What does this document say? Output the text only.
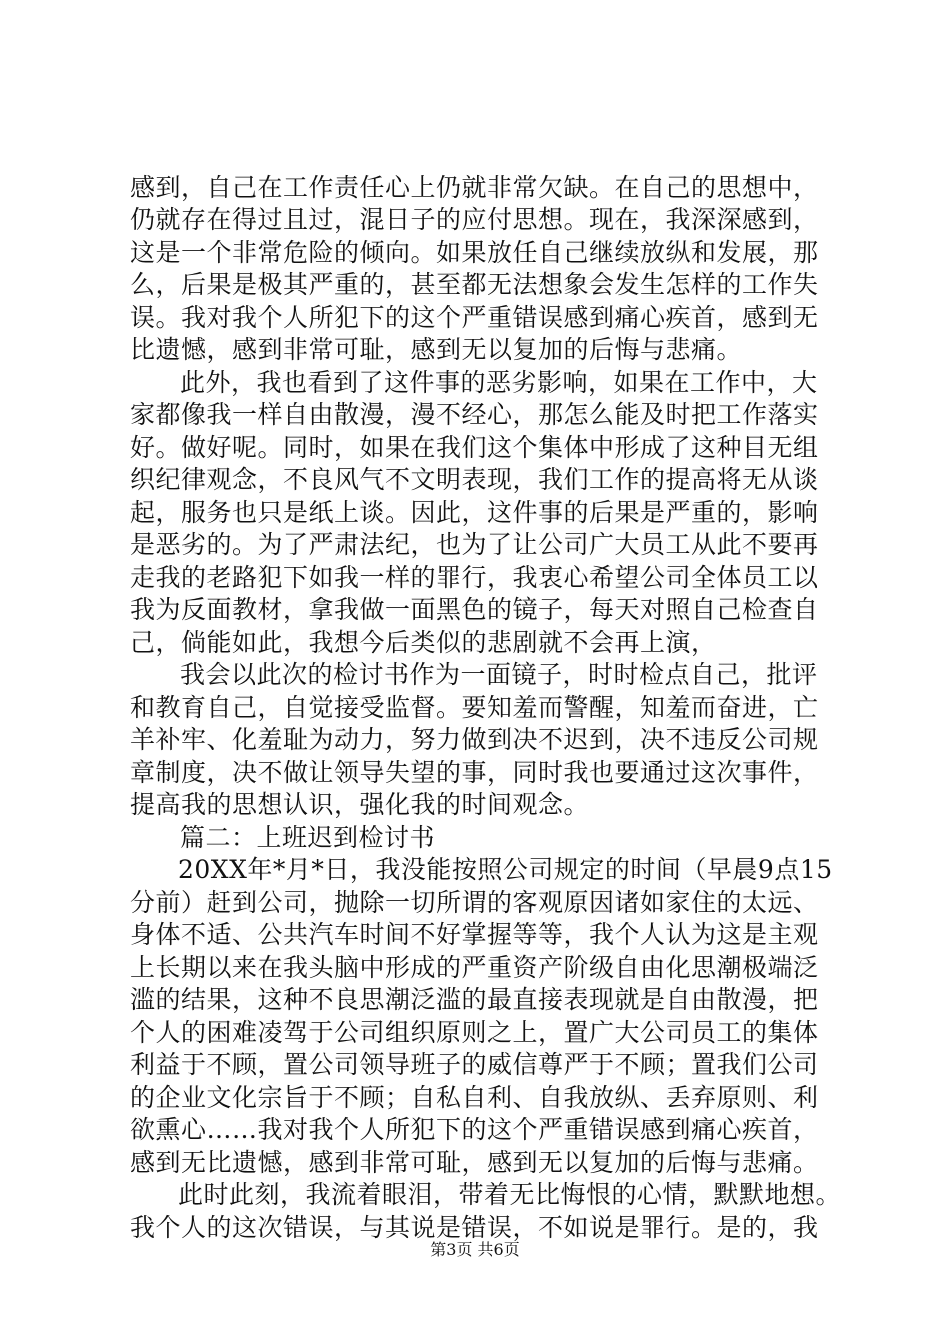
感到，自己在工作责任心上仍就非常欠缺。在自己的思想中，
仍就存在得过且过，混日子的应付思想。现在，我深深感到，
这是一个非常危险的倾向。如果放任自己继续放纵和发展，那
么，后果是极其严重的，甚至都无法想象会发生怎样的工作失
误。我对我个人所犯下的这个严重错误感到痛心疾首，感到无
比遗憾，感到非常可耻，感到无以复加的后悔与悲痛。
此外，我也看到了这件事的恶劣影响，如果在工作中，大
家都像我一样自由散漫，漫不经心，那怎么能及时把工作落实
好。做好呢。同时，如果在我们这个集体中形成了这种目无组
织纪律观念，不良风气不文明表现，我们工作的提高将无从谈
起，服务也只是纸上谈。因此，这件事的后果是严重的，影响
是恶劣的。为了严肃法纪，也为了让公司广大员工从此不要再
走我的老路犯下如我一样的罪行，我衷心希望公司全体员工以
我为反面教材，拿我做一面黑色的镜子，每天对照自己检查自
己，倘能如此，我想今后类似的悲剧就不会再上演，
我会以此次的检讨书作为一面镜子，时时检点自己，批评
和教育自己，自觉接受监督。要知羞而警醒，知羞而奋进，亡
羊补牢、化羞耻为动力，努力做到决不迟到，决不违反公司规
章制度，决不做让领导失望的事，同时我也要通过这次事件，
提高我的思想认识，强化我的时间观念。
篇二：上班迟到检讨书
20XX年*月*日，我没能按照公司规定的时间（早晨9点15
分前）赶到公司，抛除一切所谓的客观原因诸如家住的太远、
身体不适、公共汽车时间不好掌握等等，我个人认为这是主观
上长期以来在我头脑中形成的严重资产阶级自由化思潮极端泛
滥的结果，这种不良思潮泛滥的最直接表现就是自由散漫，把
个人的困难凌驾于公司组织原则之上，置广大公司员工的集体
利益于不顾，置公司领导班子的威信尊严于不顾；置我们公司
的企业文化宗旨于不顾；自私自利、自我放纵、丢弃原则、利
欲熏心……我对我个人所犯下的这个严重错误感到痛心疾首，
感到无比遗憾，感到非常可耻，感到无以复加的后悔与悲痛。
此时此刻，我流着眼泪，带着无比悔恨的心情，默默地想。
我个人的这次错误，与其说是错误，不如说是罪行。是的，我
第3页 共6页
